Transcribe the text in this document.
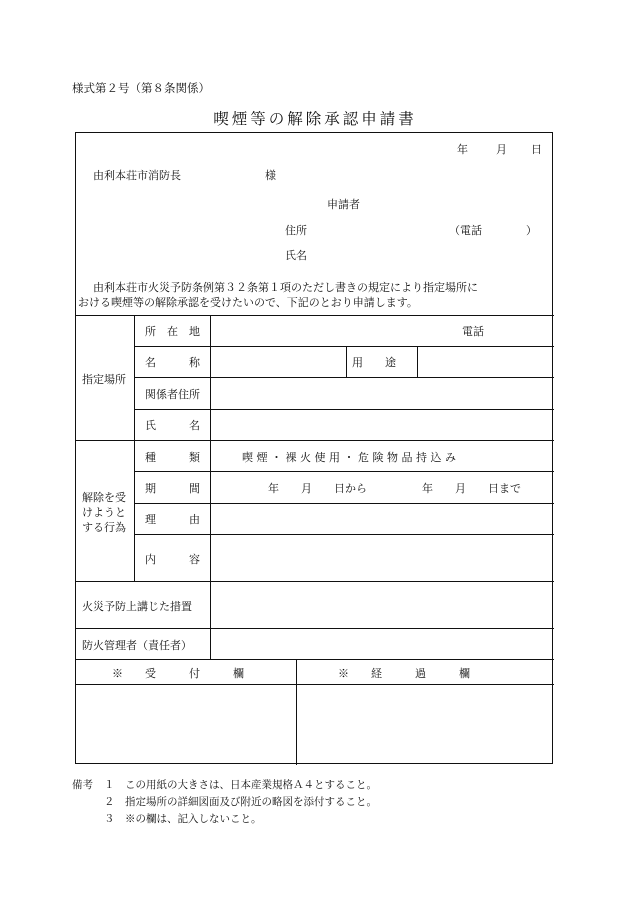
様式第２号（第８条関係）
喫煙等の解除承認申請書
年	月 日
由利本荘市消防長	様
申請者
住所	（電話　　　　）
氏名
由利本荘市火災予防条例第３２条第１項のただし書きの規定により指定場所に
おける喫煙等の解除承認を受けたいので、下記のとおり申請します。
指定場所
所　在　地	電話
名　　　称	用　　途
関係者住所
氏　　　名
解除を受
けようと
する行為
種　　　類	喫 煙 ・ 裸 火 使 用 ・ 危 険 物 品 持 込 み
期　　　間	年　　月　　日から	年　　月　　日まで
理　　　由
内　　　容
火災予防上講じた措置
防火管理者（責任者）
※　　受　　　付　　　欄	※　　経　　　過　　　欄
備考 １ この用紙の大きさは、日本産業規格Ａ４とすること。
２ 指定場所の詳細図面及び附近の略図を添付すること。
３ ※の欄は、記入しないこと。
